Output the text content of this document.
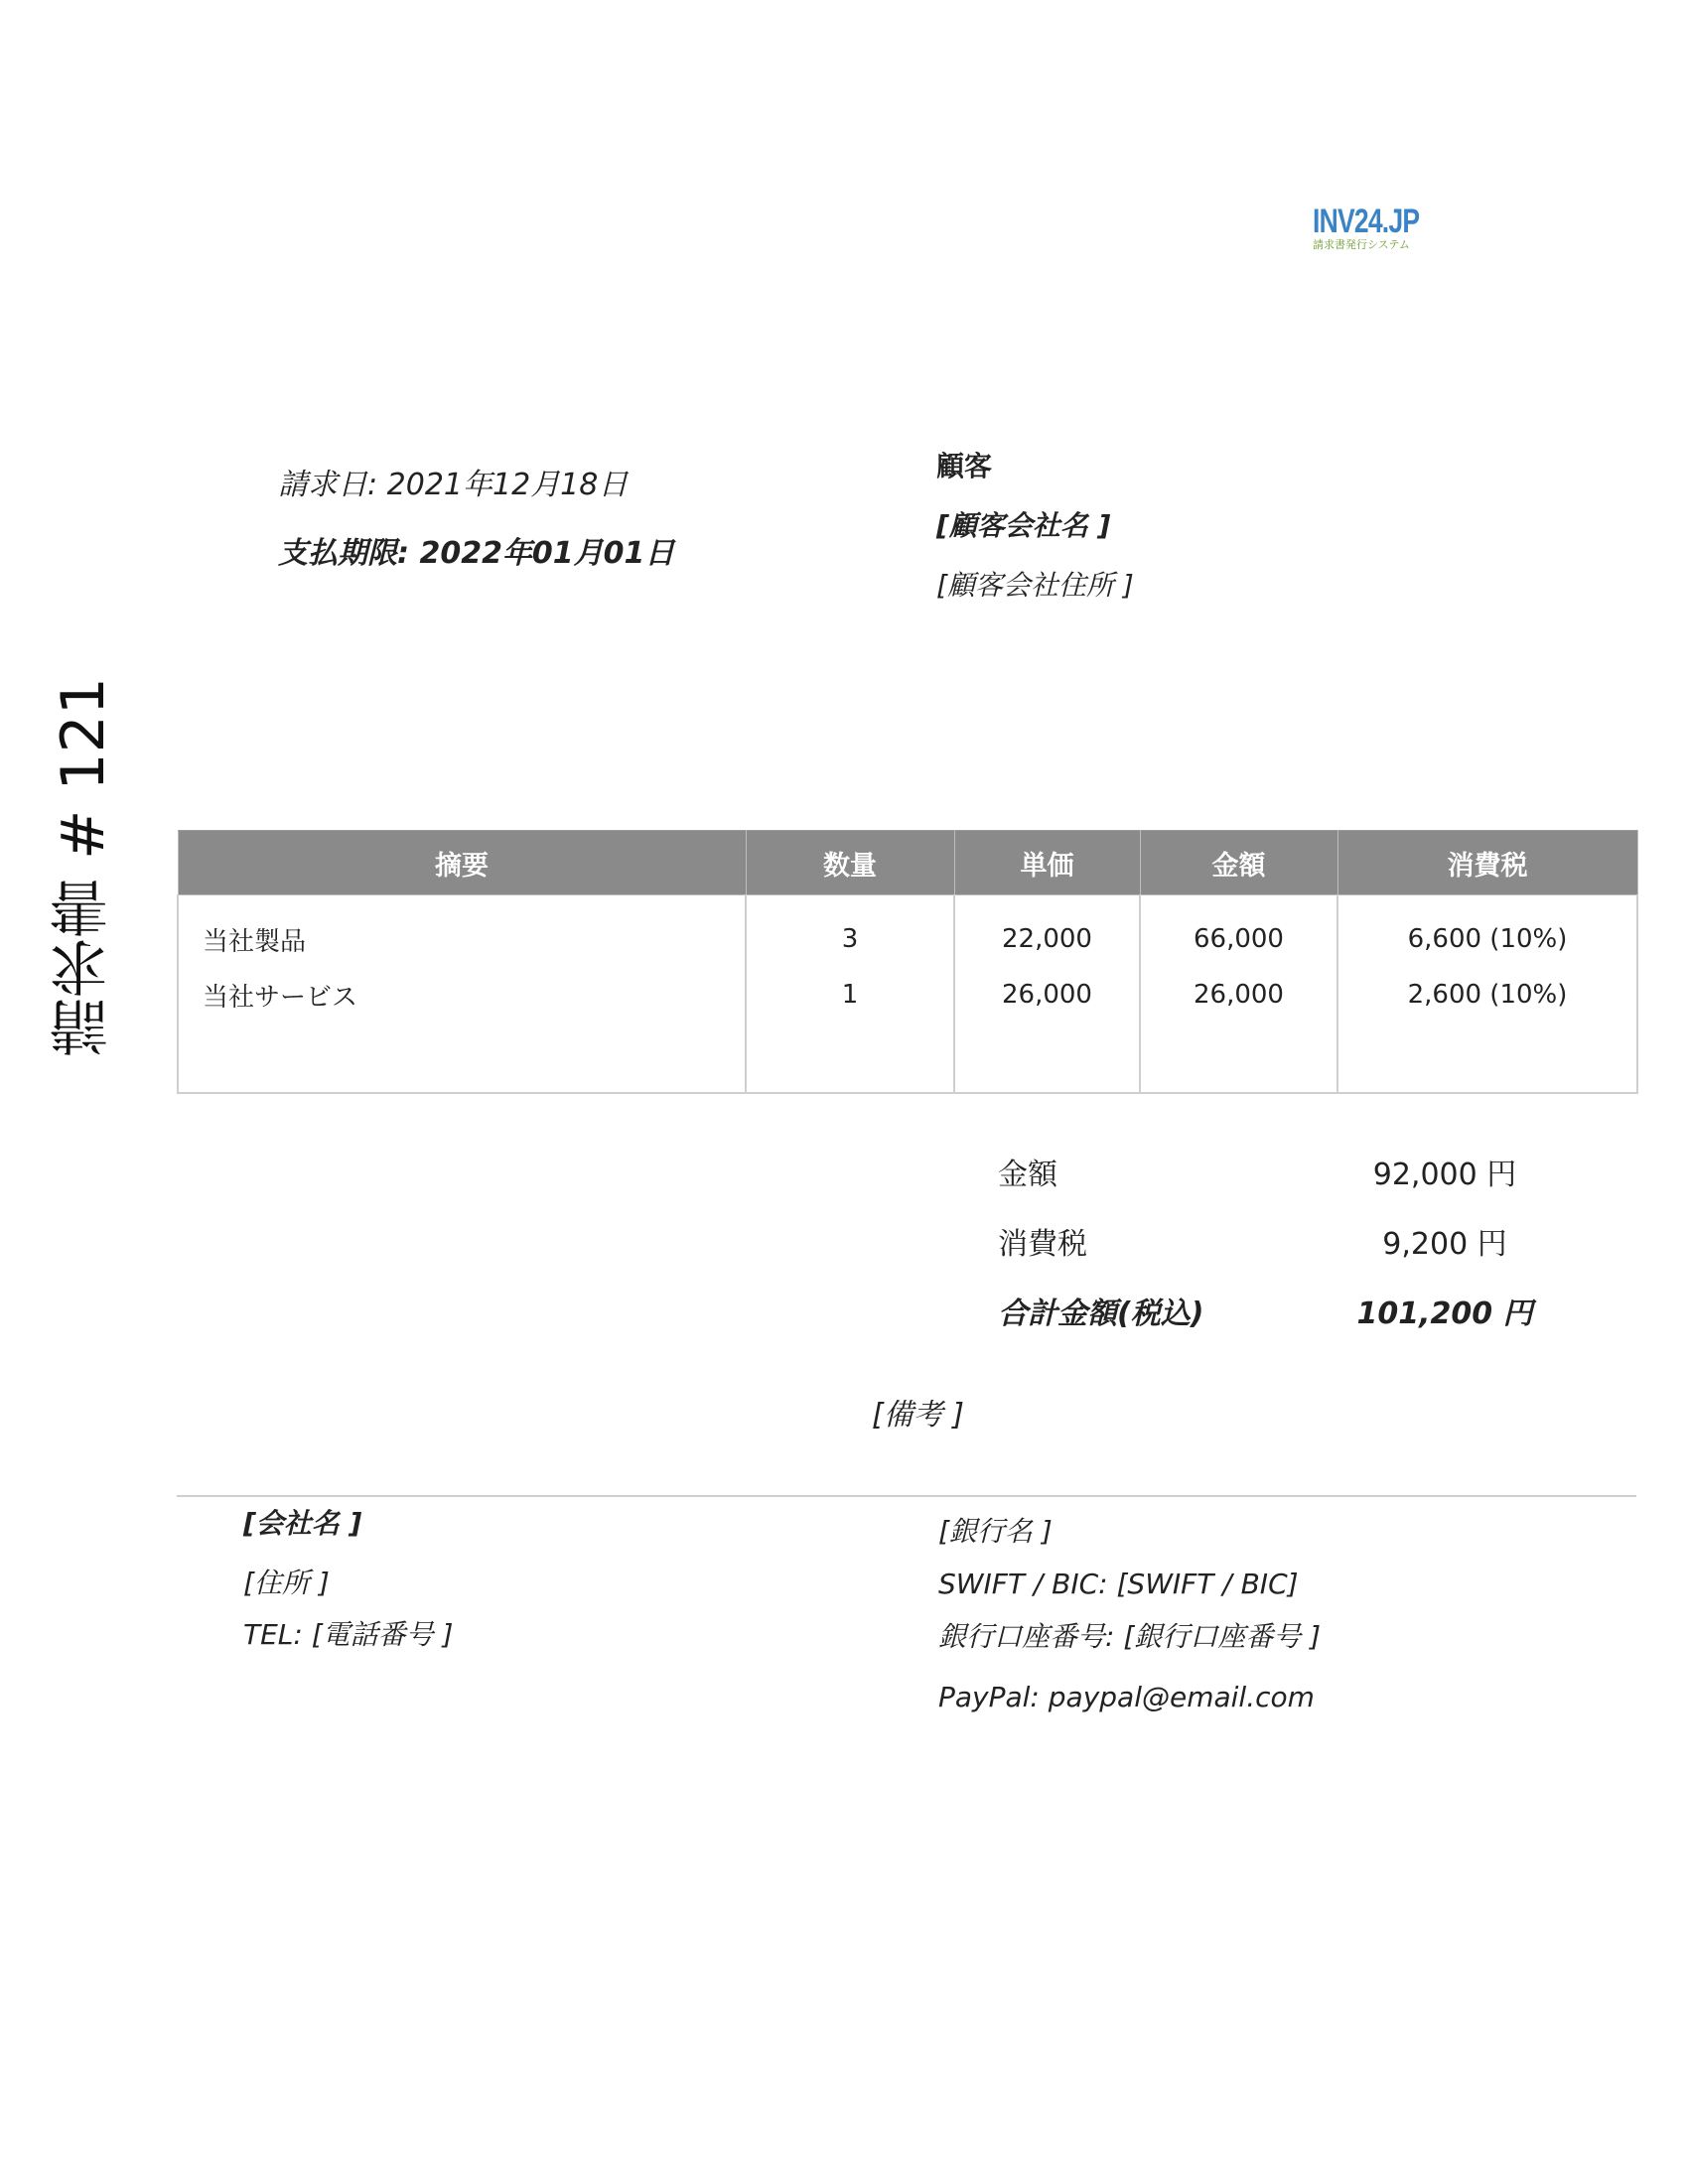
INV24.JP
請求書発行システム
請求書 # 121
請求日: 2021年12月18日
支払期限: 2022年01月01日
顧客
[顧客会社名 ]
[顧客会社住所 ]
摘要	数量	単価	金額	消費税
当社製品	3	22,000	66,000	6,600 (10%)
当社サービス	1	26,000	26,000	2,600 (10%)

金額	92,000 円
消費税	9,200 円
合計金額(税込)	101,200 円
[備考 ]
[会社名 ]
[住所 ]
TEL: [電話番号 ]
[銀行名 ]
SWIFT / BIC: [SWIFT / BIC]
銀行口座番号: [銀行口座番号 ]
PayPal: paypal@email.com
